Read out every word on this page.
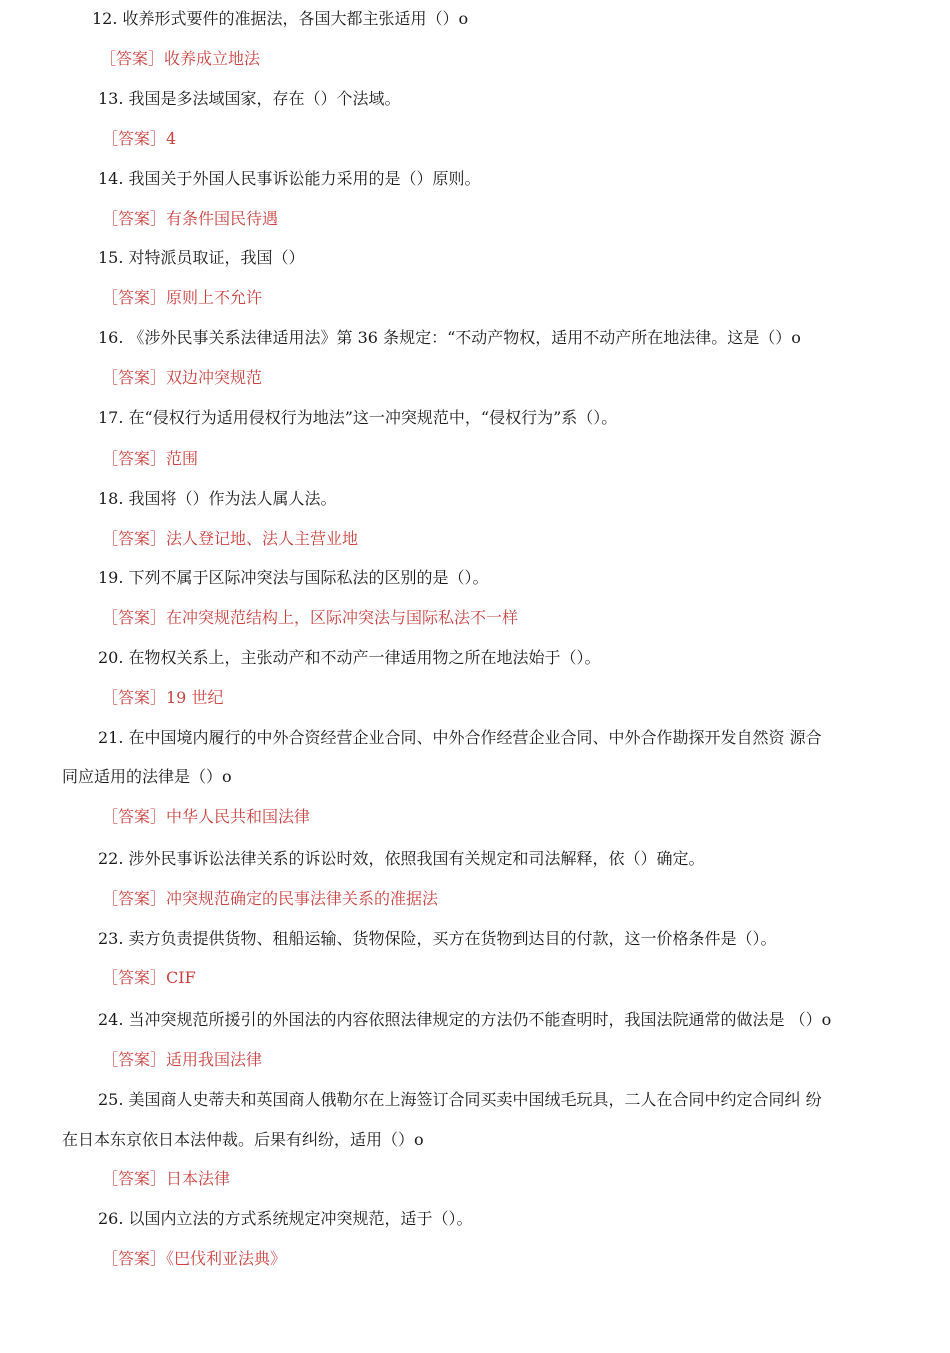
12. 收养形式要件的准据法，各国大都主张适用（）o
［答案］收养成立地法
13. 我国是多法域国家，存在（）个法域。
［答案］4
14. 我国关于外国人民事诉讼能力采用的是（）原则。
［答案］有条件国民待遇
15. 对特派员取证，我国（）
［答案］原则上不允许
16. 《涉外民事关系法律适用法》第 36 条规定：“不动产物权，适用不动产所在地法律。这是（）o
［答案］双边冲突规范
17. 在“侵权行为适用侵权行为地法”这一冲突规范中，“侵权行为”系（）。
［答案］范围
18. 我国将（）作为法人属人法。
［答案］法人登记地、法人主营业地
19. 下列不属于区际冲突法与国际私法的区别的是（）。
［答案］在冲突规范结构上，区际冲突法与国际私法不一样
20. 在物权关系上，主张动产和不动产一律适用物之所在地法始于（）。
［答案］19 世纪
21. 在中国境内履行的中外合资经营企业合同、中外合作经营企业合同、中外合作勘探开发自然资 源合
同应适用的法律是（）o
［答案］中华人民共和国法律
22. 涉外民事诉讼法律关系的诉讼时效，依照我国有关规定和司法解释，依（）确定。
［答案］冲突规范确定的民事法律关系的准据法
23. 卖方负责提供货物、租船运输、货物保险，买方在货物到达目的付款，这一价格条件是（）。
［答案］CIF
24. 当冲突规范所援引的外国法的内容依照法律规定的方法仍不能查明时，我国法院通常的做法是 （）o
［答案］适用我国法律
25. 美国商人史蒂夫和英国商人俄勒尔在上海签订合同买卖中国绒毛玩具，二人在合同中约定合同纠 纷
在日本东京依日本法仲裁。后果有纠纷，适用（）o
［答案］日本法律
26. 以国内立法的方式系统规定冲突规范，适于（）。
［答案］《巴伐利亚法典》
